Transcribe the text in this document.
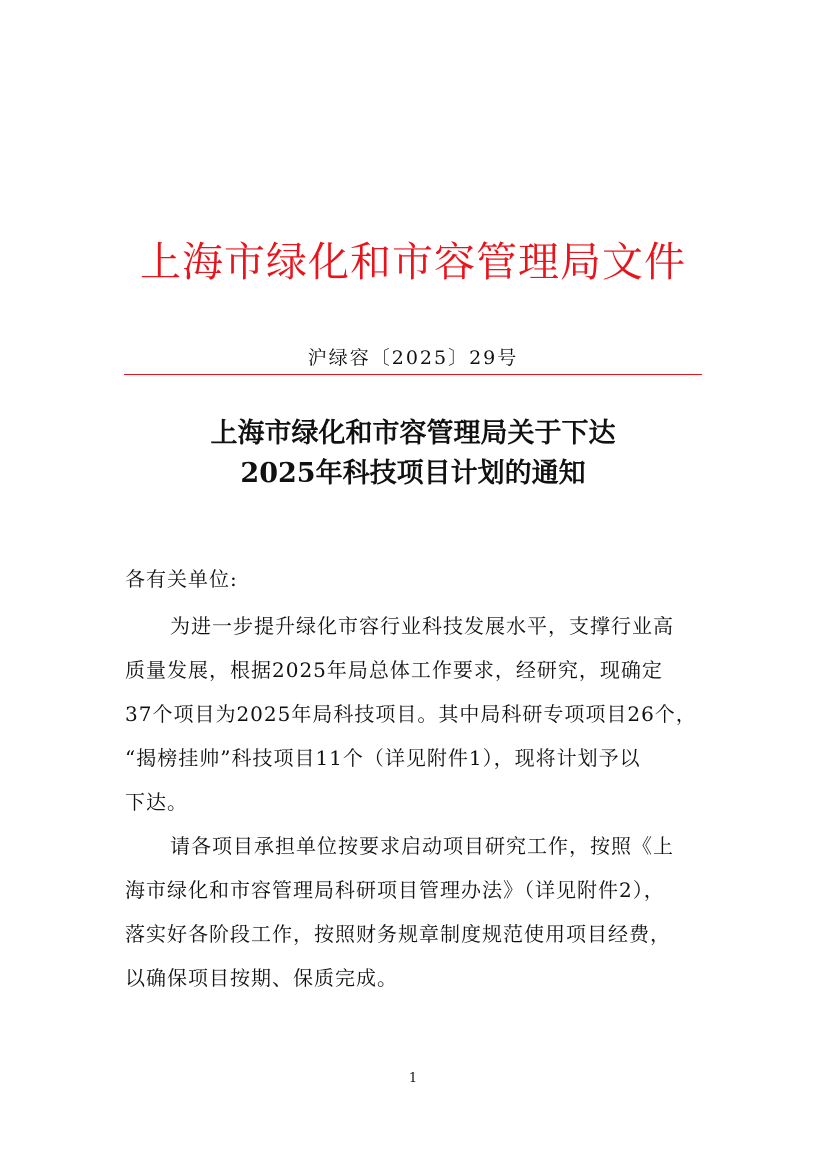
上海市绿化和市容管理局文件
沪绿容〔2025〕29号
上海市绿化和市容管理局关于下达
2025年科技项目计划的通知
各有关单位:
为进一步提升绿化市容行业科技发展水平，支撑行业高
质量发展，根据2025年局总体工作要求，经研究，现确定
37个项目为2025年局科技项目。其中局科研专项项目26个，
“揭榜挂帅”科技项目11个（详见附件1），现将计划予以
下达。
请各项目承担单位按要求启动项目研究工作，按照《上
海市绿化和市容管理局科研项目管理办法》（详见附件2），
落实好各阶段工作，按照财务规章制度规范使用项目经费，
以确保项目按期、保质完成。
1
